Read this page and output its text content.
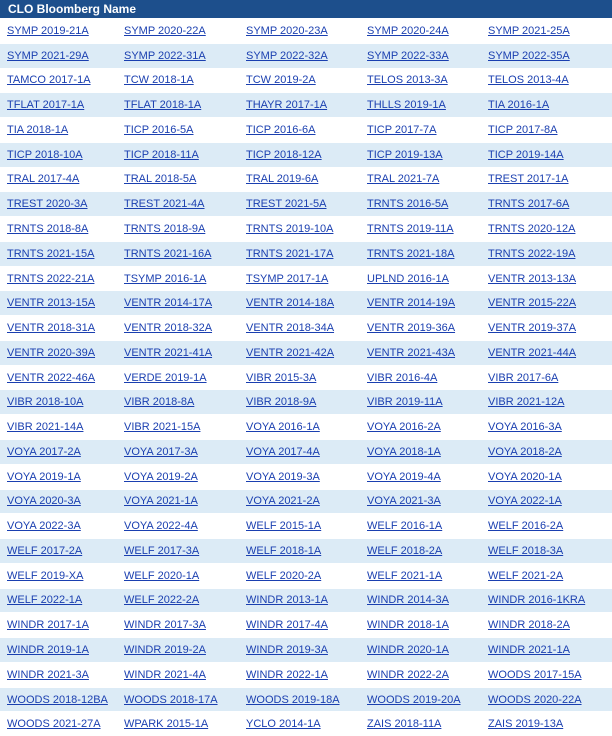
CLO Bloomberg Name				
SYMP 2019-21A	SYMP 2020-22A	SYMP 2020-23A	SYMP 2020-24A	SYMP 2021-25A
SYMP 2021-29A	SYMP 2022-31A	SYMP 2022-32A	SYMP 2022-33A	SYMP 2022-35A
TAMCO 2017-1A	TCW 2018-1A	TCW 2019-2A	TELOS 2013-3A	TELOS 2013-4A
TFLAT 2017-1A	TFLAT 2018-1A	THAYR 2017-1A	THLLS 2019-1A	TIA 2016-1A
TIA 2018-1A	TICP 2016-5A	TICP 2016-6A	TICP 2017-7A	TICP 2017-8A
TICP 2018-10A	TICP 2018-11A	TICP 2018-12A	TICP 2019-13A	TICP 2019-14A
TRAL 2017-4A	TRAL 2018-5A	TRAL 2019-6A	TRAL 2021-7A	TREST 2017-1A
TREST 2020-3A	TREST 2021-4A	TREST 2021-5A	TRNTS 2016-5A	TRNTS 2017-6A
TRNTS 2018-8A	TRNTS 2018-9A	TRNTS 2019-10A	TRNTS 2019-11A	TRNTS 2020-12A
TRNTS 2021-15A	TRNTS 2021-16A	TRNTS 2021-17A	TRNTS 2021-18A	TRNTS 2022-19A
TRNTS 2022-21A	TSYMP 2016-1A	TSYMP 2017-1A	UPLND 2016-1A	VENTR 2013-13A
VENTR 2013-15A	VENTR 2014-17A	VENTR 2014-18A	VENTR 2014-19A	VENTR 2015-22A
VENTR 2018-31A	VENTR 2018-32A	VENTR 2018-34A	VENTR 2019-36A	VENTR 2019-37A
VENTR 2020-39A	VENTR 2021-41A	VENTR 2021-42A	VENTR 2021-43A	VENTR 2021-44A
VENTR 2022-46A	VERDE 2019-1A	VIBR 2015-3A	VIBR 2016-4A	VIBR 2017-6A
VIBR 2018-10A	VIBR 2018-8A	VIBR 2018-9A	VIBR 2019-11A	VIBR 2021-12A
VIBR 2021-14A	VIBR 2021-15A	VOYA 2016-1A	VOYA 2016-2A	VOYA 2016-3A
VOYA 2017-2A	VOYA 2017-3A	VOYA 2017-4A	VOYA 2018-1A	VOYA 2018-2A
VOYA 2019-1A	VOYA 2019-2A	VOYA 2019-3A	VOYA 2019-4A	VOYA 2020-1A
VOYA 2020-3A	VOYA 2021-1A	VOYA 2021-2A	VOYA 2021-3A	VOYA 2022-1A
VOYA 2022-3A	VOYA 2022-4A	WELF 2015-1A	WELF 2016-1A	WELF 2016-2A
WELF 2017-2A	WELF 2017-3A	WELF 2018-1A	WELF 2018-2A	WELF 2018-3A
WELF 2019-XA	WELF 2020-1A	WELF 2020-2A	WELF 2021-1A	WELF 2021-2A
WELF 2022-1A	WELF 2022-2A	WINDR 2013-1A	WINDR 2014-3A	WINDR 2016-1KRA
WINDR 2017-1A	WINDR 2017-3A	WINDR 2017-4A	WINDR 2018-1A	WINDR 2018-2A
WINDR 2019-1A	WINDR 2019-2A	WINDR 2019-3A	WINDR 2020-1A	WINDR 2021-1A
WINDR 2021-3A	WINDR 2021-4A	WINDR 2022-1A	WINDR 2022-2A	WOODS 2017-15A
WOODS 2018-12BA	WOODS 2018-17A	WOODS 2019-18A	WOODS 2019-20A	WOODS 2020-22A
WOODS 2021-27A	WPARK 2015-1A	YCLO 2014-1A	ZAIS 2018-11A	ZAIS 2019-13A
